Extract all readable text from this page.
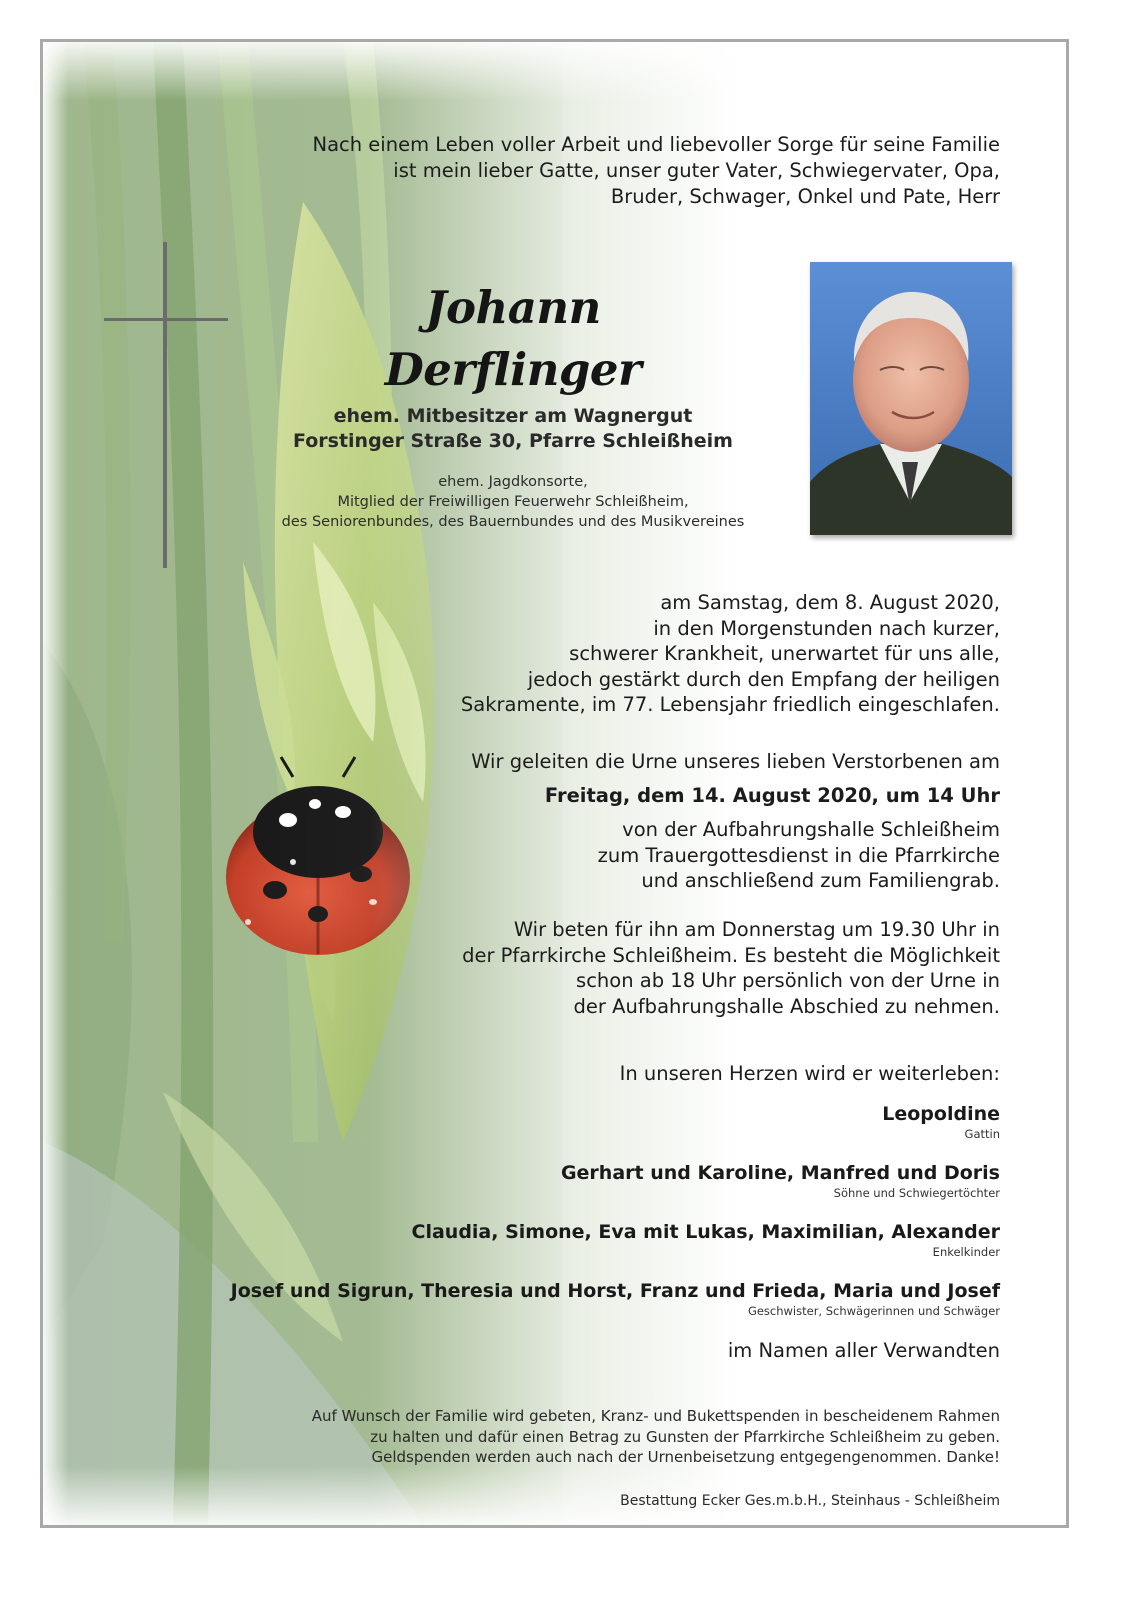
Nach einem Leben voller Arbeit und liebevoller Sorge für seine Familie
ist mein lieber Gatte, unser guter Vater, Schwiegervater, Opa,
Bruder, Schwager, Onkel und Pate, Herr
Johann
Derflinger
ehem. Mitbesitzer am Wagnergut
Forstinger Straße 30, Pfarre Schleißheim
ehem. Jagdkonsorte,
Mitglied der Freiwilligen Feuerwehr Schleißheim,
des Seniorenbundes, des Bauernbundes und des Musikvereines
am Samstag, dem 8. August 2020,
in den Morgenstunden nach kurzer,
schwerer Krankheit, unerwartet für uns alle,
jedoch gestärkt durch den Empfang der heiligen
Sakramente, im 77. Lebensjahr friedlich eingeschlafen.
Wir geleiten die Urne unseres lieben Verstorbenen am
Freitag, dem 14. August 2020, um 14 Uhr
von der Aufbahrungshalle Schleißheim
zum Trauergottesdienst in die Pfarrkirche
und anschließend zum Familiengrab.
Wir beten für ihn am Donnerstag um 19.30 Uhr in
der Pfarrkirche Schleißheim. Es besteht die Möglichkeit
schon ab 18 Uhr persönlich von der Urne in
der Aufbahrungshalle Abschied zu nehmen.
In unseren Herzen wird er weiterleben:
Leopoldine
Gattin
Gerhart und Karoline, Manfred und Doris
Söhne und Schwiegertöchter
Claudia, Simone, Eva mit Lukas, Maximilian, Alexander
Enkelkinder
Josef und Sigrun, Theresia und Horst, Franz und Frieda, Maria und Josef
Geschwister, Schwägerinnen und Schwäger
im Namen aller Verwandten
Auf Wunsch der Familie wird gebeten, Kranz- und Bukettspenden in bescheidenem Rahmen
zu halten und dafür einen Betrag zu Gunsten der Pfarrkirche Schleißheim zu geben.
Geldspenden werden auch nach der Urnenbeisetzung entgegengenommen. Danke!
Bestattung Ecker Ges.m.b.H., Steinhaus - Schleißheim
